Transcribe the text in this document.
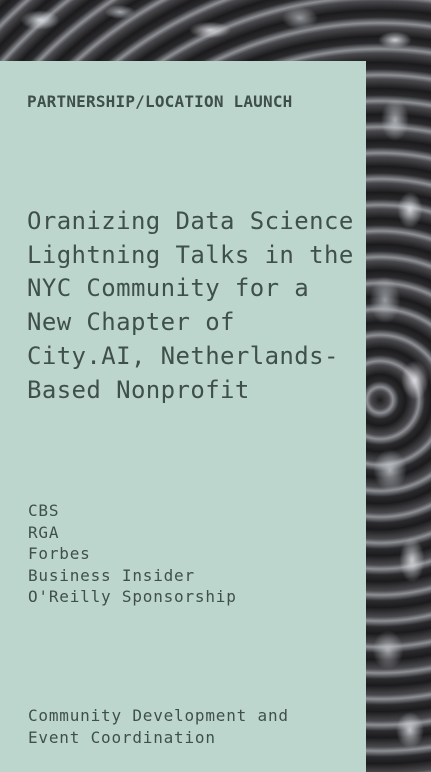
PARTNERSHIP/LOCATION LAUNCH

Oranizing Data Science Lightning Talks in the NYC Community for a New Chapter of City.AI, Netherlands-Based Nonprofit
CBS
RGA
Forbes
Business Insider
O'Reilly Sponsorship

Community Development and Event Coordination
